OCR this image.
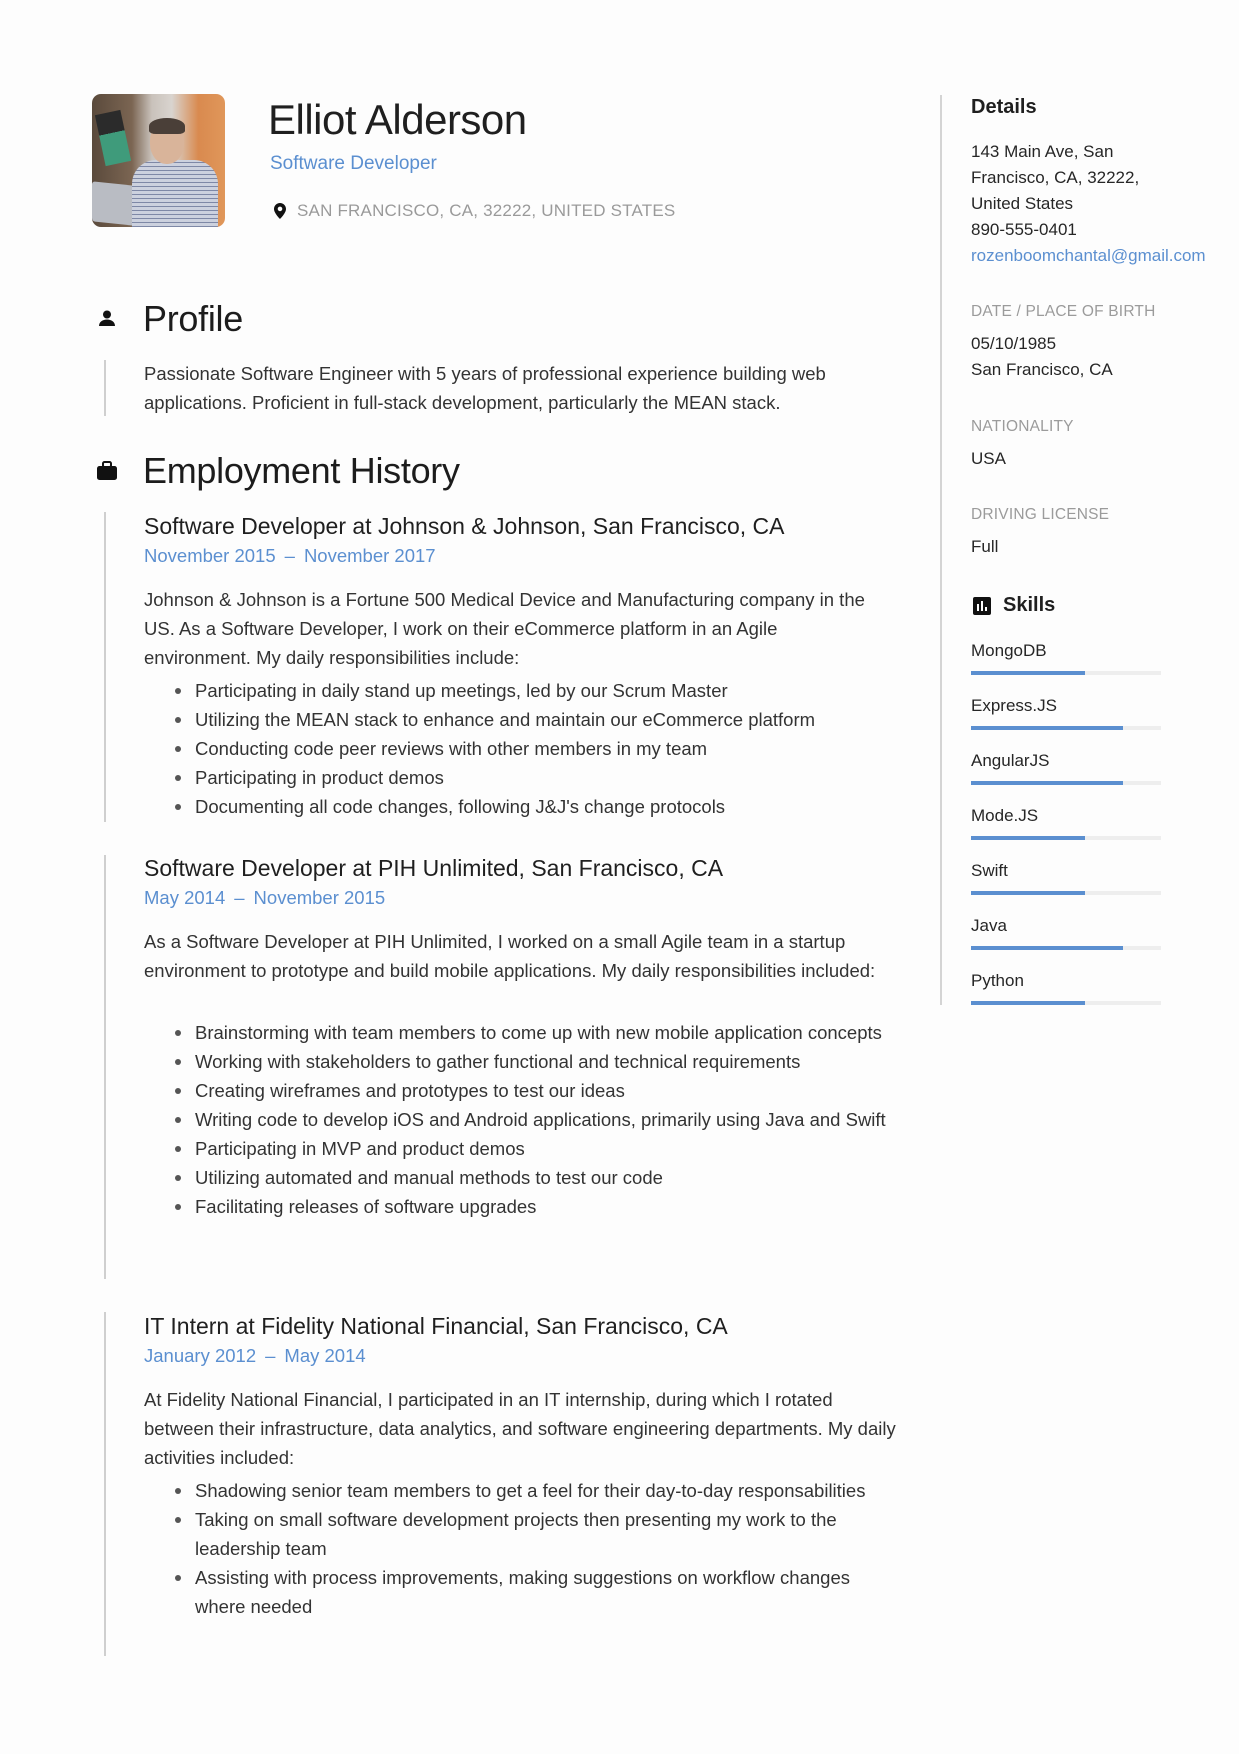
Elliot Alderson
Software Developer
SAN FRANCISCO, CA, 32222, UNITED STATES
Profile
Passionate Software Engineer with 5 years of professional experience building web applications. Proficient in full-stack development, particularly the MEAN stack.
Employment History
Software Developer at Johnson & Johnson, San Francisco, CA
November 2015 – November 2017
Johnson & Johnson is a Fortune 500 Medical Device and Manufacturing company in the US. As a Software Developer, I work on their eCommerce platform in an Agile environment. My daily responsibilities include:
Participating in daily stand up meetings, led by our Scrum Master
Utilizing the MEAN stack to enhance and maintain our eCommerce platform
Conducting code peer reviews with other members in my team
Participating in product demos
Documenting all code changes, following J&J's change protocols
Software Developer at PIH Unlimited, San Francisco, CA
May 2014 – November 2015
As a Software Developer at PIH Unlimited, I worked on a small Agile team in a startup environment to prototype and build mobile applications. My daily responsibilities included:
Brainstorming with team members to come up with new mobile application concepts
Working with stakeholders to gather functional and technical requirements
Creating wireframes and prototypes to test our ideas
Writing code to develop iOS and Android applications, primarily using Java and Swift
Participating in MVP and product demos
Utilizing automated and manual methods to test our code
Facilitating releases of software upgrades
IT Intern at Fidelity National Financial, San Francisco, CA
January 2012 – May 2014
At Fidelity National Financial, I participated in an IT internship, during which I rotated between their infrastructure, data analytics, and software engineering departments. My daily activities included:
Shadowing senior team members to get a feel for their day-to-day responsabilities
Taking on small software development projects then presenting my work to the leadership team
Assisting with process improvements, making suggestions on workflow changes where needed
Details
143 Main Ave, San
Francisco, CA, 32222,
United States
890-555-0401
rozenboomchantal@gmail.com
DATE / PLACE OF BIRTH
05/10/1985
San Francisco, CA
NATIONALITY
USA
DRIVING LICENSE
Full
Skills
MongoDB
Express.JS
AngularJS
Mode.JS
Swift
Java
Python
